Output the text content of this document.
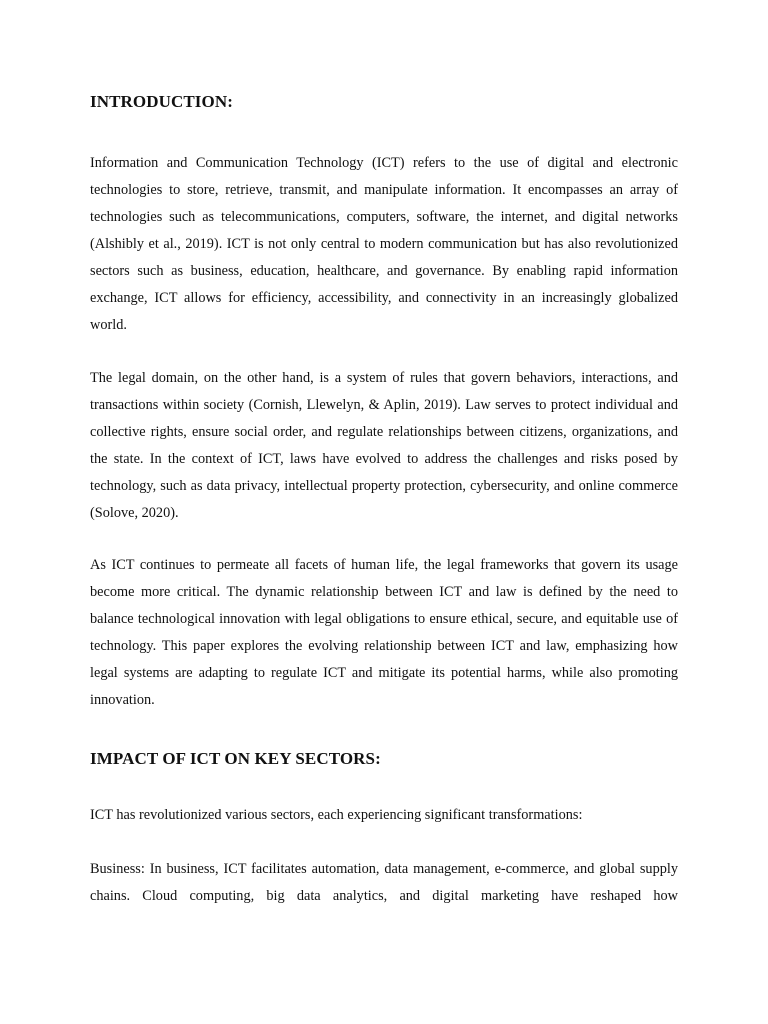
INTRODUCTION:

Information and Communication Technology (ICT) refers to the use of digital and electronic technologies to store, retrieve, transmit, and manipulate information. It encompasses an array of technologies such as telecommunications, computers, software, the internet, and digital networks (Alshibly et al., 2019). ICT is not only central to modern communication but has also revolutionized sectors such as business, education, healthcare, and governance. By enabling rapid information exchange, ICT allows for efficiency, accessibility, and connectivity in an increasingly globalized world.

The legal domain, on the other hand, is a system of rules that govern behaviors, interactions, and transactions within society (Cornish, Llewelyn, & Aplin, 2019). Law serves to protect individual and collective rights, ensure social order, and regulate relationships between citizens, organizations, and the state. In the context of ICT, laws have evolved to address the challenges and risks posed by technology, such as data privacy, intellectual property protection, cybersecurity, and online commerce (Solove, 2020).

As ICT continues to permeate all facets of human life, the legal frameworks that govern its usage become more critical. The dynamic relationship between ICT and law is defined by the need to balance technological innovation with legal obligations to ensure ethical, secure, and equitable use of technology. This paper explores the evolving relationship between ICT and law, emphasizing how legal systems are adapting to regulate ICT and mitigate its potential harms, while also promoting innovation.

IMPACT OF ICT ON KEY SECTORS:

ICT has revolutionized various sectors, each experiencing significant transformations:

Business: In business, ICT facilitates automation, data management, e-commerce, and global supply chains. Cloud computing, big data analytics, and digital marketing have reshaped how
